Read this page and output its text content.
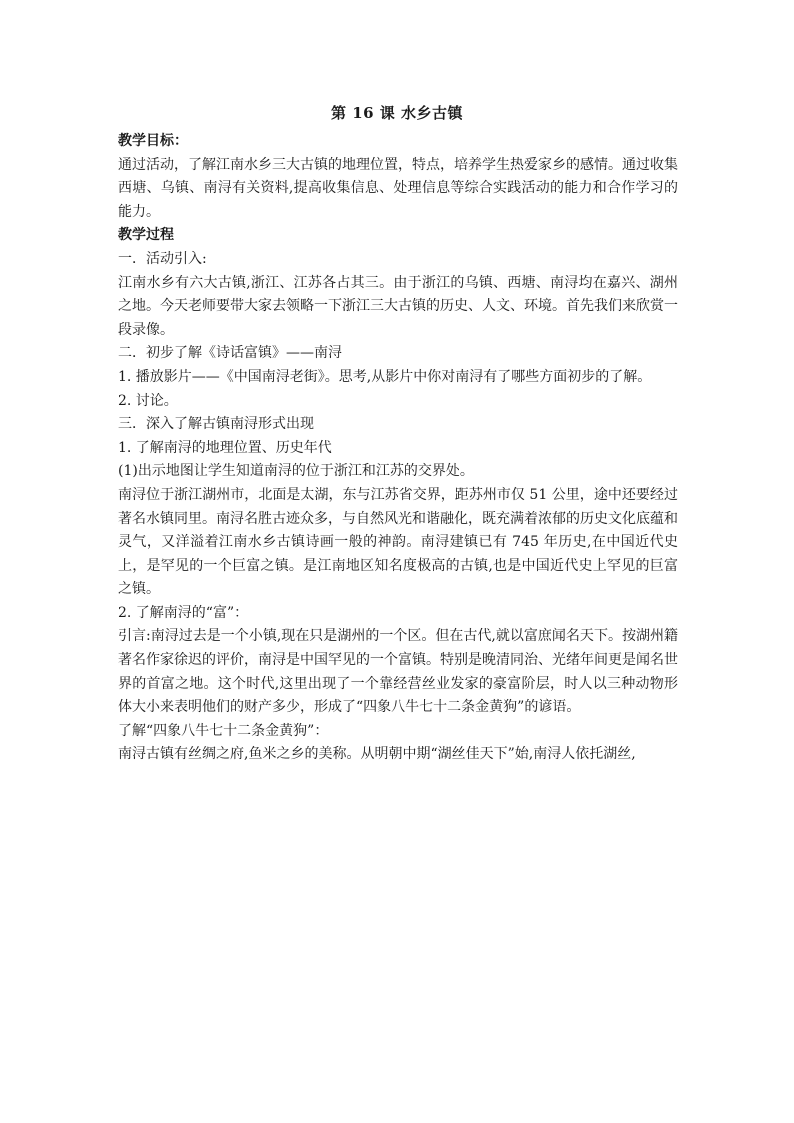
第 16 课 水乡古镇

教学目标：

通过活动，了解江南水乡三大古镇的地理位置，特点，培养学生热爱家乡的感情。通过收集西塘、乌镇、南浔有关资料,提高收集信息、处理信息等综合实践活动的能力和合作学习的能力。

教学过程

一．活动引入:

江南水乡有六大古镇,浙江、江苏各占其三。由于浙江的乌镇、西塘、南浔均在嘉兴、湖州之地。今天老师要带大家去领略一下浙江三大古镇的历史、人文、环境。首先我们来欣赏一段录像。

二．初步了解《诗话富镇》——南浔

1. 播放影片——《中国南浔老街》。思考,从影片中你对南浔有了哪些方面初步的了解。

2. 讨论。

三．深入了解古镇南浔形式出现

1. 了解南浔的地理位置、历史年代

(1)出示地图让学生知道南浔的位于浙江和江苏的交界处。

南浔位于浙江湖州市，北面是太湖，东与江苏省交界，距苏州市仅 51 公里，途中还要经过著名水镇同里。南浔名胜古迹众多，与自然风光和谐融化，既充满着浓郁的历史文化底蕴和灵气，又洋溢着江南水乡古镇诗画一般的神韵。南浔建镇已有 745 年历史,在中国近代史上，是罕见的一个巨富之镇。是江南地区知名度极高的古镇,也是中国近代史上罕见的巨富之镇。

2. 了解南浔的“富”：

引言:南浔过去是一个小镇,现在只是湖州的一个区。但在古代,就以富庶闻名天下。按湖州籍著名作家徐迟的评价，南浔是中国罕见的一个富镇。特别是晚清同治、光绪年间更是闻名世界的首富之地。这个时代,这里出现了一个靠经营丝业发家的豪富阶层，时人以三种动物形体大小来表明他们的财产多少，形成了“四象八牛七十二条金黄狗”的谚语。

了解“四象八牛七十二条金黄狗”：

南浔古镇有丝绸之府,鱼米之乡的美称。从明朝中期“湖丝佳天下”始,南浔人依托湖丝,
